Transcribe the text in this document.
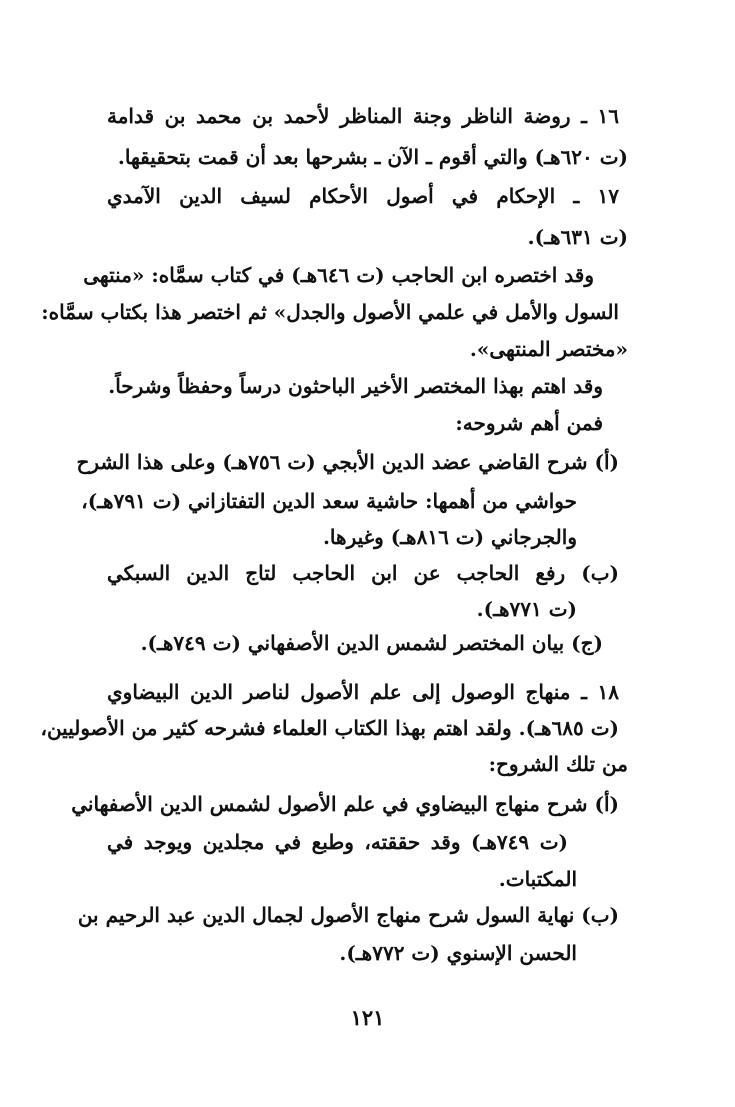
١٦ ـ روضة الناظر وجنة المناظر لأحمد بن محمد بن قدامة
(ت ٦٢٠هـ) والتي أقوم ـ الآن ـ بشرحها بعد أن قمت بتحقيقها.
١٧ ـ الإحكام في أصول الأحكام لسيف الدين الآمدي
(ت ٦٣١هـ).
وقد اختصره ابن الحاجب (ت ٦٤٦هـ) في كتاب سمَّاه: «منتهى
السول والأمل في علمي الأصول والجدل» ثم اختصر هذا بكتاب سمَّاه:
«مختصر المنتهى».
وقد اهتم بهذا المختصر الأخير الباحثون درساً وحفظاً وشرحاً.
فمن أهم شروحه:
(أ) شرح القاضي عضد الدين الأبجي (ت ٧٥٦هـ) وعلى هذا الشرح
حواشي من أهمها: حاشية سعد الدين التفتازاني (ت ٧٩١هـ)،
والجرجاني (ت ٨١٦هـ) وغيرها.
(ب) رفع الحاجب عن ابن الحاجب لتاج الدين السبكي
(ت ٧٧١هـ).
(ج) بيان المختصر لشمس الدين الأصفهاني (ت ٧٤٩هـ).
١٨ ـ منهاج الوصول إلى علم الأصول لناصر الدين البيضاوي
(ت ٦٨٥هـ). ولقد اهتم بهذا الكتاب العلماء فشرحه كثير من الأصوليين،
من تلك الشروح:
(أ) شرح منهاج البيضاوي في علم الأصول لشمس الدين الأصفهاني
(ت ٧٤٩هـ) وقد حققته، وطبع في مجلدين ويوجد في
المكتبات.
(ب) نهاية السول شرح منهاج الأصول لجمال الدين عبد الرحيم بن
الحسن الإسنوي (ت ٧٧٢هـ).
١٢١
